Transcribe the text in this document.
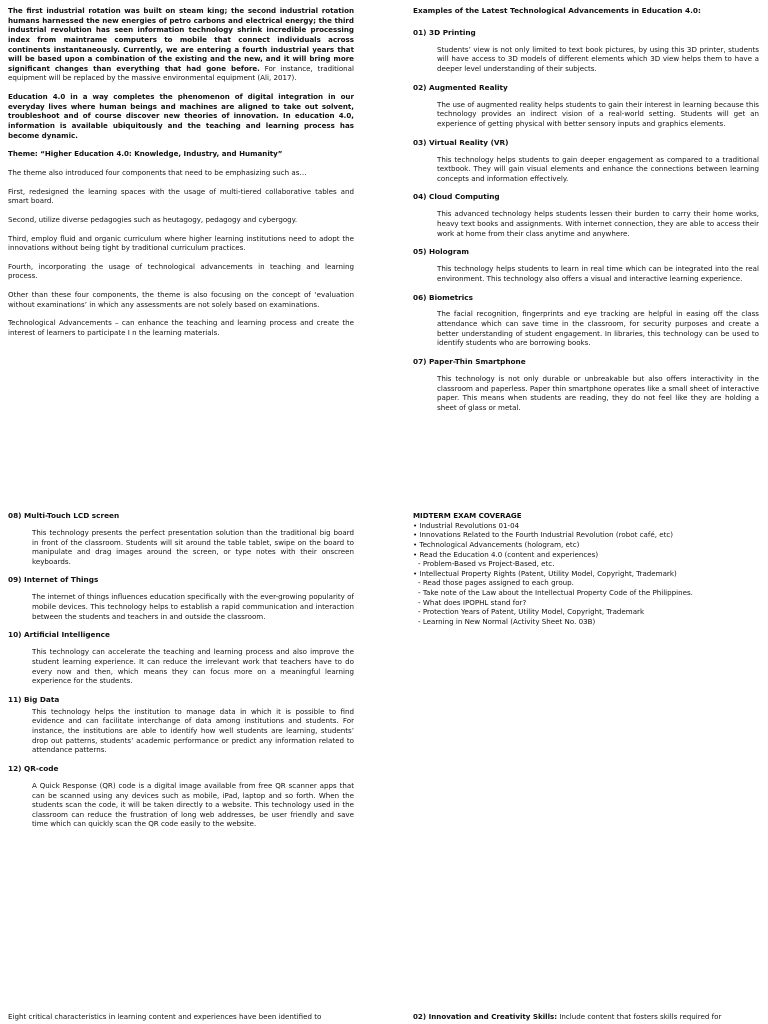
The first industrial rotation was built on steam king; the second industrial rotation humans harnessed the new energies of petro carbons and electrical energy; the third industrial revolution has seen information technology shrink incredible processing index from maintrame computers to mobile that connect individuals across continents instantaneously. Currently, we are entering a fourth industrial years that will be based upon a combination of the existing and the new, and it will bring more significant changes than everything that had gone before. For instance, traditional equipment will be replaced by the massive environmental equipment (Ali, 2017).

Education 4.0 in a way completes the phenomenon of digital integration in our everyday lives where human beings and machines are aligned to take out solvent, troubleshoot and of course discover new theories of innovation. In education 4.0, information is available ubiquitously and the teaching and learning process has become dynamic.

Theme: “Higher Education 4.0: Knowledge, Industry, and Humanity”

The theme also introduced four components that need to be emphasizing such as…

First, redesigned the learning spaces with the usage of multi-tiered collaborative tables and smart board.

Second, utilize diverse pedagogies such as heutagogy, pedagogy and cybergogy.

Third, employ fluid and organic curriculum where higher learning institutions need to adopt the innovations without being tight by traditional curriculum practices.

Fourth, incorporating the usage of technological advancements in teaching and learning process.

Other than these four components, the theme is also focusing on the concept of ‘evaluation without examinations’ in which any assessments are not solely based on examinations.

Technological Advancements – can enhance the teaching and learning process and create the interest of learners to participate I n the learning materials.

Examples of the Latest Technological Advancements in Education 4.0:

01) 3D Printing

Students’ view is not only limited to text book pictures, by using this 3D printer, students will have access to 3D models of different elements which 3D view helps them to have a deeper level understanding of their subjects.

02) Augmented Reality

The use of augmented reality helps students to gain their interest in learning because this technology provides an indirect vision of a real-world setting. Students will get an experience of getting physical with better sensory inputs and graphics elements.

03) Virtual Reality (VR)

This technology helps students to gain deeper engagement as compared to a traditional textbook. They will gain visual elements and enhance the connections between learning concepts and information effectively.

04) Cloud Computing

This advanced technology helps students lessen their burden to carry their home works, heavy text books and assignments. With internet connection, they are able to access their work at home from their class anytime and anywhere.

05) Hologram

This technology helps students to learn in real time which can be integrated into the real environment. This technology also offers a visual and interactive learning experience.

06) Biometrics

The facial recognition, fingerprints and eye tracking are helpful in easing off the class attendance which can save time in the classroom, for security purposes and create a better understanding of student engagement. In libraries, this technology can be used to identify students who are borrowing books.

07) Paper-Thin Smartphone

This technology is not only durable or unbreakable but also offers interactivity in the classroom and paperless. Paper thin smartphone operates like a small sheet of interactive paper. This means when students are reading, they do not feel like they are holding a sheet of glass or metal.

08) Multi-Touch LCD screen

This technology presents the perfect presentation solution than the traditional big board in front of the classroom. Students will sit around the table tablet, swipe on the board to manipulate and drag images around the screen, or type notes with their onscreen keyboards.

09) Internet of Things

The internet of things influences education specifically with the ever-growing popularity of mobile devices. This technology helps to establish a rapid communication and interaction between the students and teachers in and outside the classroom.

10) Artificial Intelligence

This technology can accelerate the teaching and learning process and also improve the student learning experience. It can reduce the irrelevant work that teachers have to do every now and then, which means they can focus more on a meaningful learning experience for the students.

11) Big Data

This technology helps the institution to manage data in which it is possible to find evidence and can facilitate interchange of data among institutions and students. For instance, the institutions are able to identify how well students are learning, students’ drop out patterns, students’ academic performance or predict any information related to attendance patterns.

12) QR-code

A Quick Response (QR) code is a digital image available from free QR scanner apps that can be scanned using any devices such as mobile, iPad, laptop and so forth. When the students scan the code, it will be taken directly to a website. This technology used in the classroom can reduce the frustration of long web addresses, be user friendly and save time which can quickly scan the QR code easily to the website.

MIDTERM EXAM COVERAGE

• Industrial Revolutions 01-04
• Innovations Related to the Fourth Industrial Revolution (robot café, etc)
• Technological Advancements (hologram, etc)
• Read the Education 4.0 (content and experiences)
- Problem-Based vs Project-Based, etc.
• Intellectual Property Rights (Patent, Utility Model, Copyright, Trademark)
- Read those pages assigned to each group.
- Take note of the Law about the Intellectual Property Code of the Philippines.
- What does IPOPHL stand for?
- Protection Years of Patent, Utility Model, Copyright, Trademark
- Learning in New Normal (Activity Sheet No. 03B)
Eight critical characteristics in learning content and experiences have been identified to	02) Innovation and Creativity Skills: Include content that fosters skills required for
